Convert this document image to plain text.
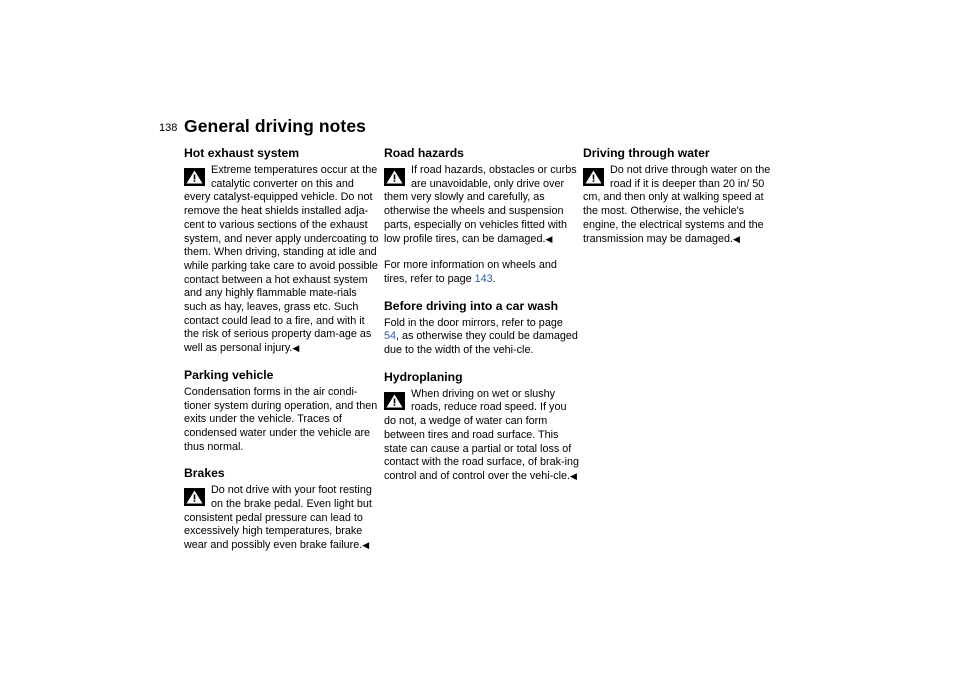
138 General driving notes
Hot exhaust system
Extreme temperatures occur at the catalytic converter on this and every catalyst-equipped vehicle. Do not remove the heat shields installed adja-cent to various sections of the exhaust system, and never apply undercoating to them. When driving, standing at idle and while parking take care to avoid possible contact between a hot exhaust system and any highly flammable mate-rials such as hay, leaves, grass etc. Such contact could lead to a fire, and with it the risk of serious property dam-age as well as personal injury.◀
Parking vehicle

Condensation forms in the air condi-tioner system during operation, and then exits under the vehicle. Traces of condensed water under the vehicle are thus normal.

Brakes
Do not drive with your foot resting on the brake pedal. Even light but consistent pedal pressure can lead to excessively high temperatures, brake wear and possibly even brake failure.◀
Road hazards
If road hazards, obstacles or curbs are unavoidable, only drive over them very slowly and carefully, as otherwise the wheels and suspension parts, especially on vehicles fitted with low profile tires, can be damaged.◀

For more information on wheels and tires, refer to page 143.

Before driving into a car wash

Fold in the door mirrors, refer to page 54, as otherwise they could be damaged due to the width of the vehi-cle.

Hydroplaning
When driving on wet or slushy roads, reduce road speed. If you do not, a wedge of water can form between tires and road surface. This state can cause a partial or total loss of contact with the road surface, of brak-ing control and of control over the vehi-cle.◀
Driving through water
Do not drive through water on the road if it is deeper than 20 in/ 50 cm, and then only at walking speed at the most. Otherwise, the vehicle's engine, the electrical systems and the transmission may be damaged.◀
